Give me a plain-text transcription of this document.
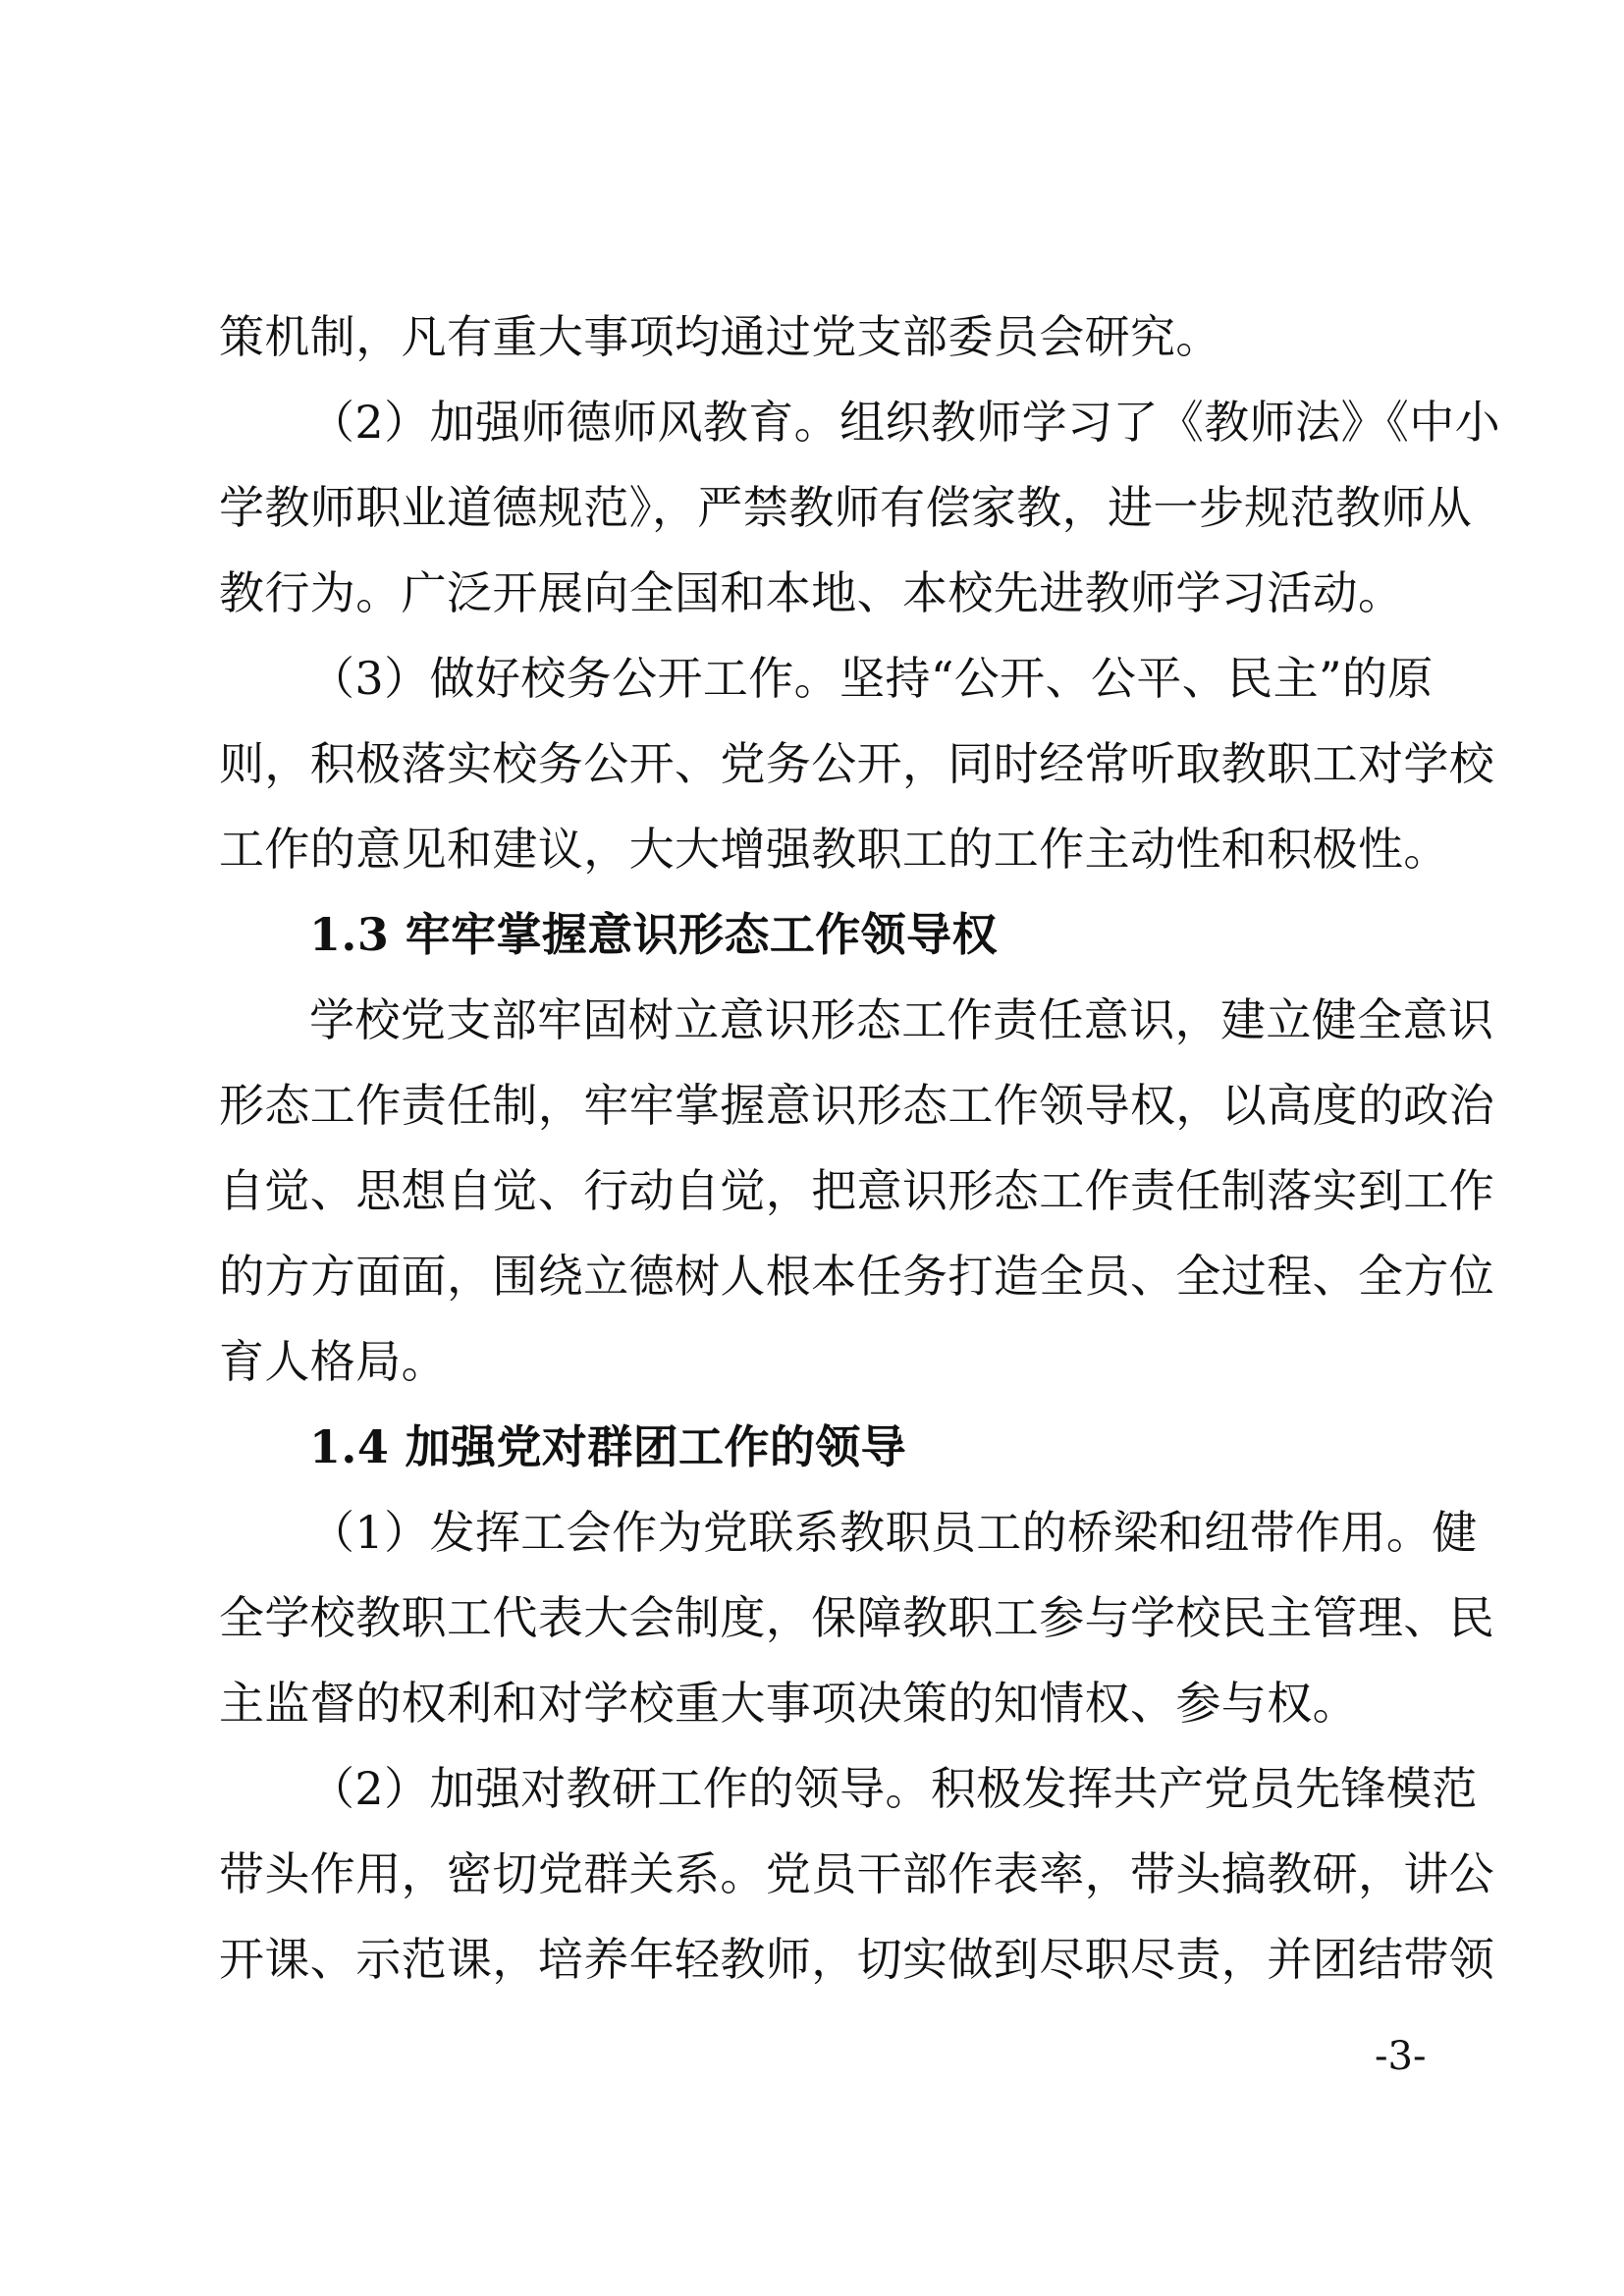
策机制，凡有重大事项均通过党支部委员会研究。
（2）加强师德师风教育。组织教师学习了《教师法》《中小
学教师职业道德规范》，严禁教师有偿家教，进一步规范教师从
教行为。广泛开展向全国和本地、本校先进教师学习活动。
（3）做好校务公开工作。坚持“公开、公平、民主”的原
则，积极落实校务公开、党务公开，同时经常听取教职工对学校
工作的意见和建议，大大增强教职工的工作主动性和积极性。
1.3 牢牢掌握意识形态工作领导权
学校党支部牢固树立意识形态工作责任意识，建立健全意识
形态工作责任制，牢牢掌握意识形态工作领导权，以高度的政治
自觉、思想自觉、行动自觉，把意识形态工作责任制落实到工作
的方方面面，围绕立德树人根本任务打造全员、全过程、全方位
育人格局。
1.4 加强党对群团工作的领导
（1）发挥工会作为党联系教职员工的桥梁和纽带作用。健
全学校教职工代表大会制度，保障教职工参与学校民主管理、民
主监督的权利和对学校重大事项决策的知情权、参与权。
（2）加强对教研工作的领导。积极发挥共产党员先锋模范
带头作用，密切党群关系。党员干部作表率，带头搞教研，讲公
开课、示范课，培养年轻教师，切实做到尽职尽责，并团结带领
-3-
